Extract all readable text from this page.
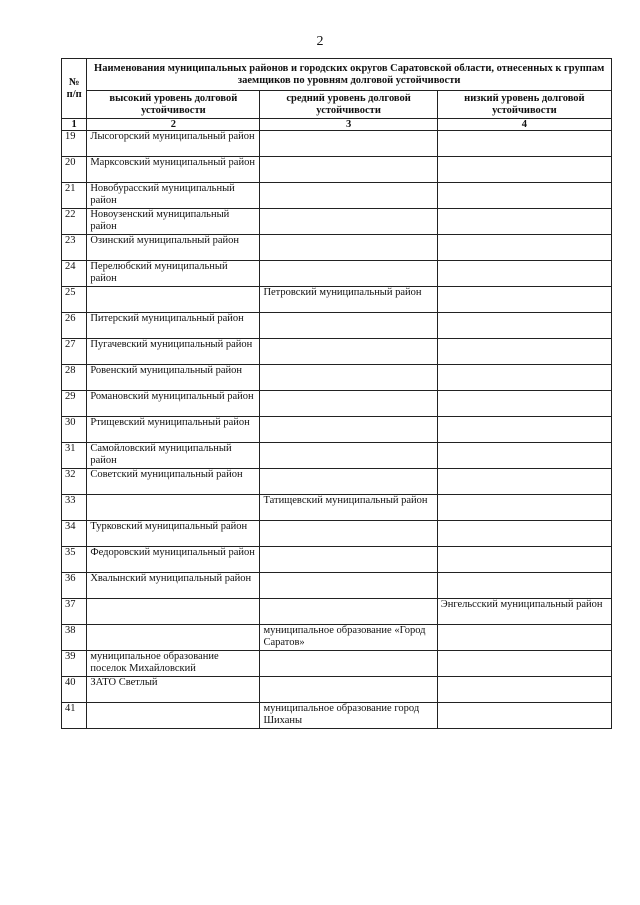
2
№ п/п	Наименования муниципальных районов и городских округов Саратовской области, отнесенных к группам заемщиков по уровням долговой устойчивости		
	высокий уровень долговой устойчивости	средний уровень долговой устойчивости	низкий уровень долговой устойчивости
1	2	3	4
19	Лысогорский муниципальный район		
20	Марксовский муниципальный район		
21	Новобурасский муниципальный район		
22	Новоузенский муниципальный район		
23	Озинский муниципальный район		
24	Перелюбский муниципальный район		
25		Петровский муниципальный район	
26	Питерский муниципальный район		
27	Пугачевский муниципальный район		
28	Ровенский муниципальный район		
29	Романовский муниципальный район		
30	Ртищевский муниципальный район		
31	Самойловский муниципальный район		
32	Советский муниципальный район		
33		Татищевский муниципальный район	
34	Турковский муниципальный район		
35	Федоровский муниципальный район		
36	Хвалынский муниципальный район		
37			Энгельсский муниципальный район
38		муниципальное образование «Город Саратов»	
39	муниципальное образование поселок Михайловский		
40	ЗАТО Светлый		
41		муниципальное образование город Шиханы	
